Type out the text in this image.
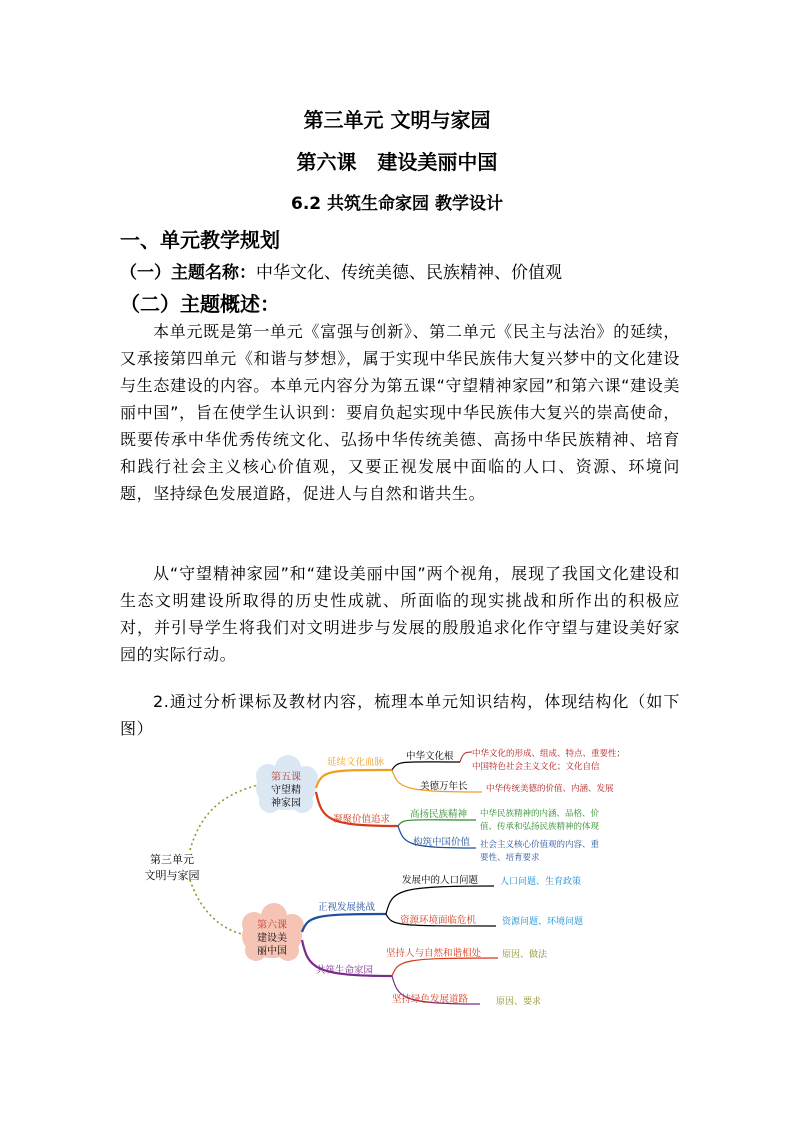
第三单元 文明与家园
第六课   建设美丽中国
6.2 共筑生命家园 教学设计
一、单元教学规划
（一）主题名称：中华文化、传统美德、民族精神、价值观
（二）主题概述：
本单元既是第一单元《富强与创新》、第二单元《民主与法治》的延续，又承接第四单元《和谐与梦想》，属于实现中华民族伟大复兴梦中的文化建设与生态建设的内容。本单元内容分为第五课“守望精神家园”和第六课“建设美丽中国”，旨在使学生认识到：要肩负起实现中华民族伟大复兴的崇高使命，既要传承中华优秀传统文化、弘扬中华传统美德、高扬中华民族精神、培育和践行社会主义核心价值观，又要正视发展中面临的人口、资源、环境问题，坚持绿色发展道路，促进人与自然和谐共生。
从“守望精神家园”和“建设美丽中国”两个视角，展现了我国文化建设和生态文明建设所取得的历史性成就、所面临的现实挑战和所作出的积极应对，并引导学生将我们对文明进步与发展的殷殷追求化作守望与建设美好家园的实际行动。
2.通过分析课标及教材内容，梳理本单元知识结构，体现结构化（如下图）
第三单元
文明与家园
第五课
守望精
神家园
第六课
建设美
丽中国
延续文化血脉
凝聚价值追求
中华文化根 中华文化的形成、组成、特点、重要性；
中国特色社会主义文化；文化自信
美德万年长 中华传统美德的价值、内涵、发展
高扬民族精神 中华民族精神的内涵、品格、价
值、传承和弘扬民族精神的体现
构筑中国价值 社会主义核心价值观的内容、重
要性、培育要求
正视发展挑战
共筑生命家园
发展中的人口问题 人口问题、生育政策
资源环境面临危机	资源问题、环境问题
坚持人与自然和谐相处 原因、做法
坚持绿色发展道路	原因、要求
